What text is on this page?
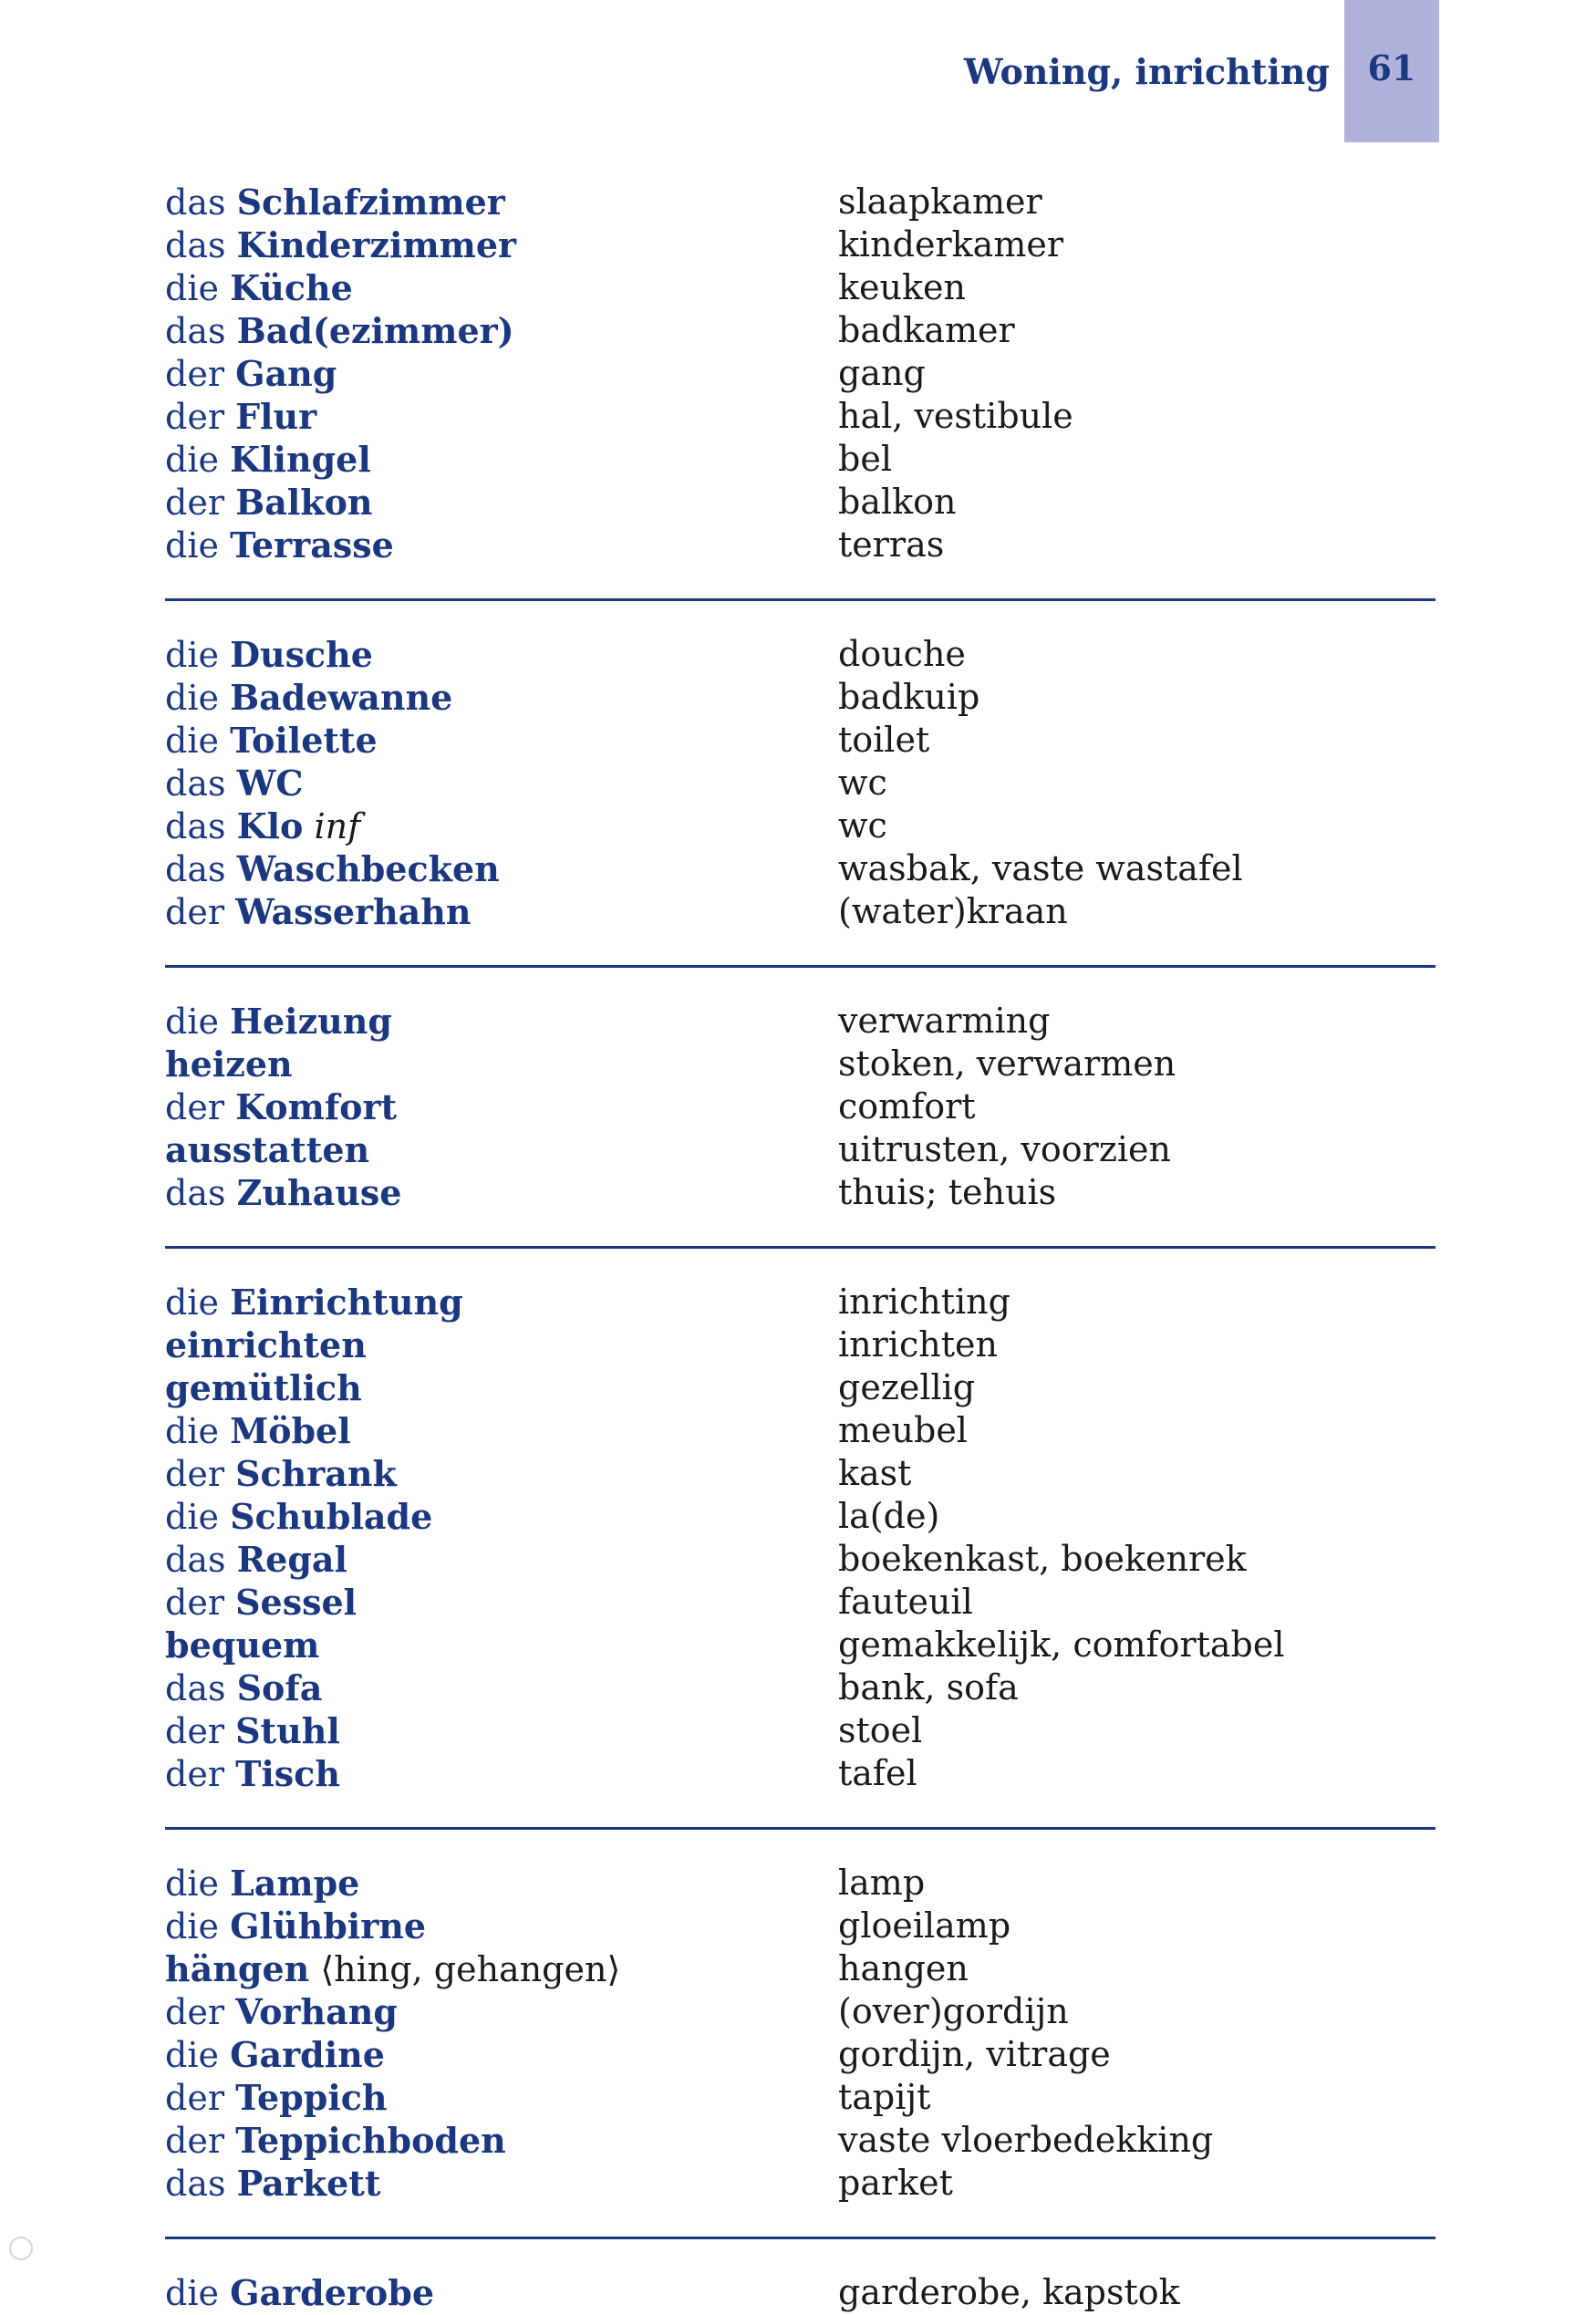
Woning, inrichting	61
das Schlafzimmer	slaapkamer
das Kinderzimmer	kinderkamer
die Küche	keuken
das Bad(ezimmer)	badkamer
der Gang	gang
der Flur	hal, vestibule
die Klingel	bel
der Balkon	balkon
die Terrasse	terras
die Dusche	douche
die Badewanne	badkuip
die Toilette	toilet
das WC	wc
das Klo inf	wc
das Waschbecken	wasbak, vaste wastafel
der Wasserhahn	(water)kraan
die Heizung	verwarming
heizen	stoken, verwarmen
der Komfort	comfort
ausstatten	uitrusten, voorzien
das Zuhause	thuis; tehuis
die Einrichtung	inrichting
einrichten	inrichten
gemütlich	gezellig
die Möbel	meubel
der Schrank	kast
die Schublade	la(de)
das Regal	boekenkast, boekenrek
der Sessel	fauteuil
bequem	gemakkelijk, comfortabel
das Sofa	bank, sofa
der Stuhl	stoel
der Tisch	tafel
die Lampe	lamp
die Glühbirne	gloeilamp
hängen ⟨hing, gehangen⟩	hangen
der Vorhang	(over)gordijn
die Gardine	gordijn, vitrage
der Teppich	tapijt
der Teppichboden	vaste vloerbedekking
das Parkett	parket
die Garderobe	garderobe, kapstok
